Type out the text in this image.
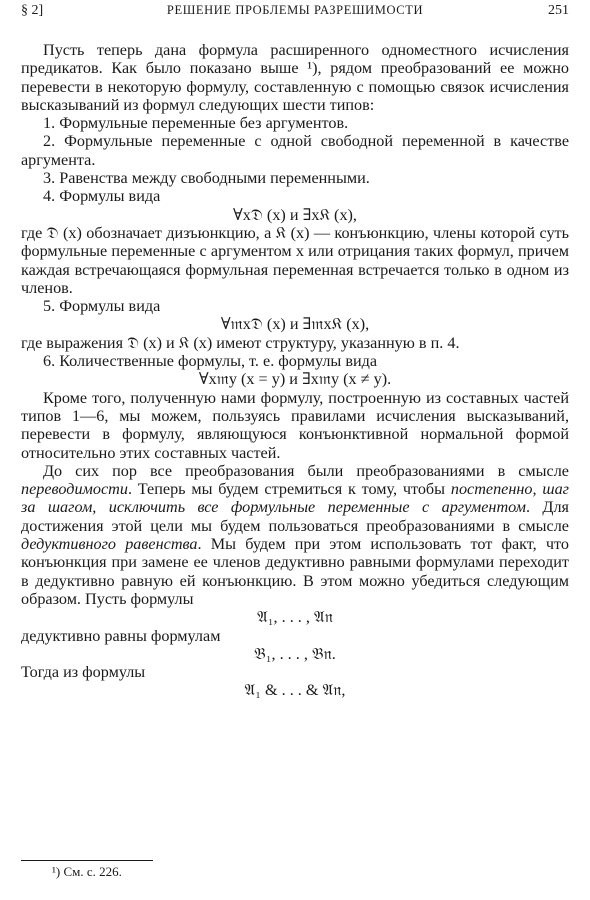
§ 2]	РЕШЕНИЕ ПРОБЛЕМЫ РАЗРЕШИМОСТИ	251

Пусть теперь дана формула расширенного одноместного исчисления предикатов. Как было показано выше ¹), рядом преобразований ее можно перевести в некоторую формулу, составленную с помощью связок исчисления высказываний из формул следующих шести типов:

1. Формульные переменные без аргументов.

2. Формульные переменные с одной свободной переменной в качестве аргумента.

3. Равенства между свободными переменными.

4. Формулы вида

∀x𝔇 (x) и ∃x𝔎 (x),

где 𝔇 (x) обозначает дизъюнкцию, а 𝔎 (x) — конъюнкцию, члены которой суть формульные переменные с аргументом x или отрицания таких формул, причем каждая встречающаяся формульная переменная встречается только в одном из членов.

5. Формулы вида

∀𝔪x𝔇 (x) и ∃𝔪x𝔎 (x),

где выражения 𝔇 (x) и 𝔎 (x) имеют структуру, указанную в п. 4.

6. Количественные формулы, т. е. формулы вида

∀x𝔪y (x = y) и ∃x𝔪y (x ≠ y).

Кроме того, полученную нами формулу, построенную из составных частей типов 1—6, мы можем, пользуясь правилами исчисления высказываний, перевести в формулу, являющуюся конъюнктивной нормальной формой относительно этих составных частей.

До сих пор все преобразования были преобразованиями в смысле переводимости. Теперь мы будем стремиться к тому, чтобы постепенно, шаг за шагом, исключить все формульные переменные с аргументом. Для достижения этой цели мы будем пользоваться преобразованиями в смысле дедуктивного равенства. Мы будем при этом использовать тот факт, что конъюнкция при замене ее членов дедуктивно равными формулами переходит в дедуктивно равную ей конъюнкцию. В этом можно убедиться следующим образом. Пусть формулы

𝔄₁, . . . , 𝔄𝔫

дедуктивно равны формулам

𝔅₁, . . . , 𝔅𝔫.

Тогда из формулы

𝔄₁ & . . . & 𝔄𝔫,

¹) См. с. 226.
